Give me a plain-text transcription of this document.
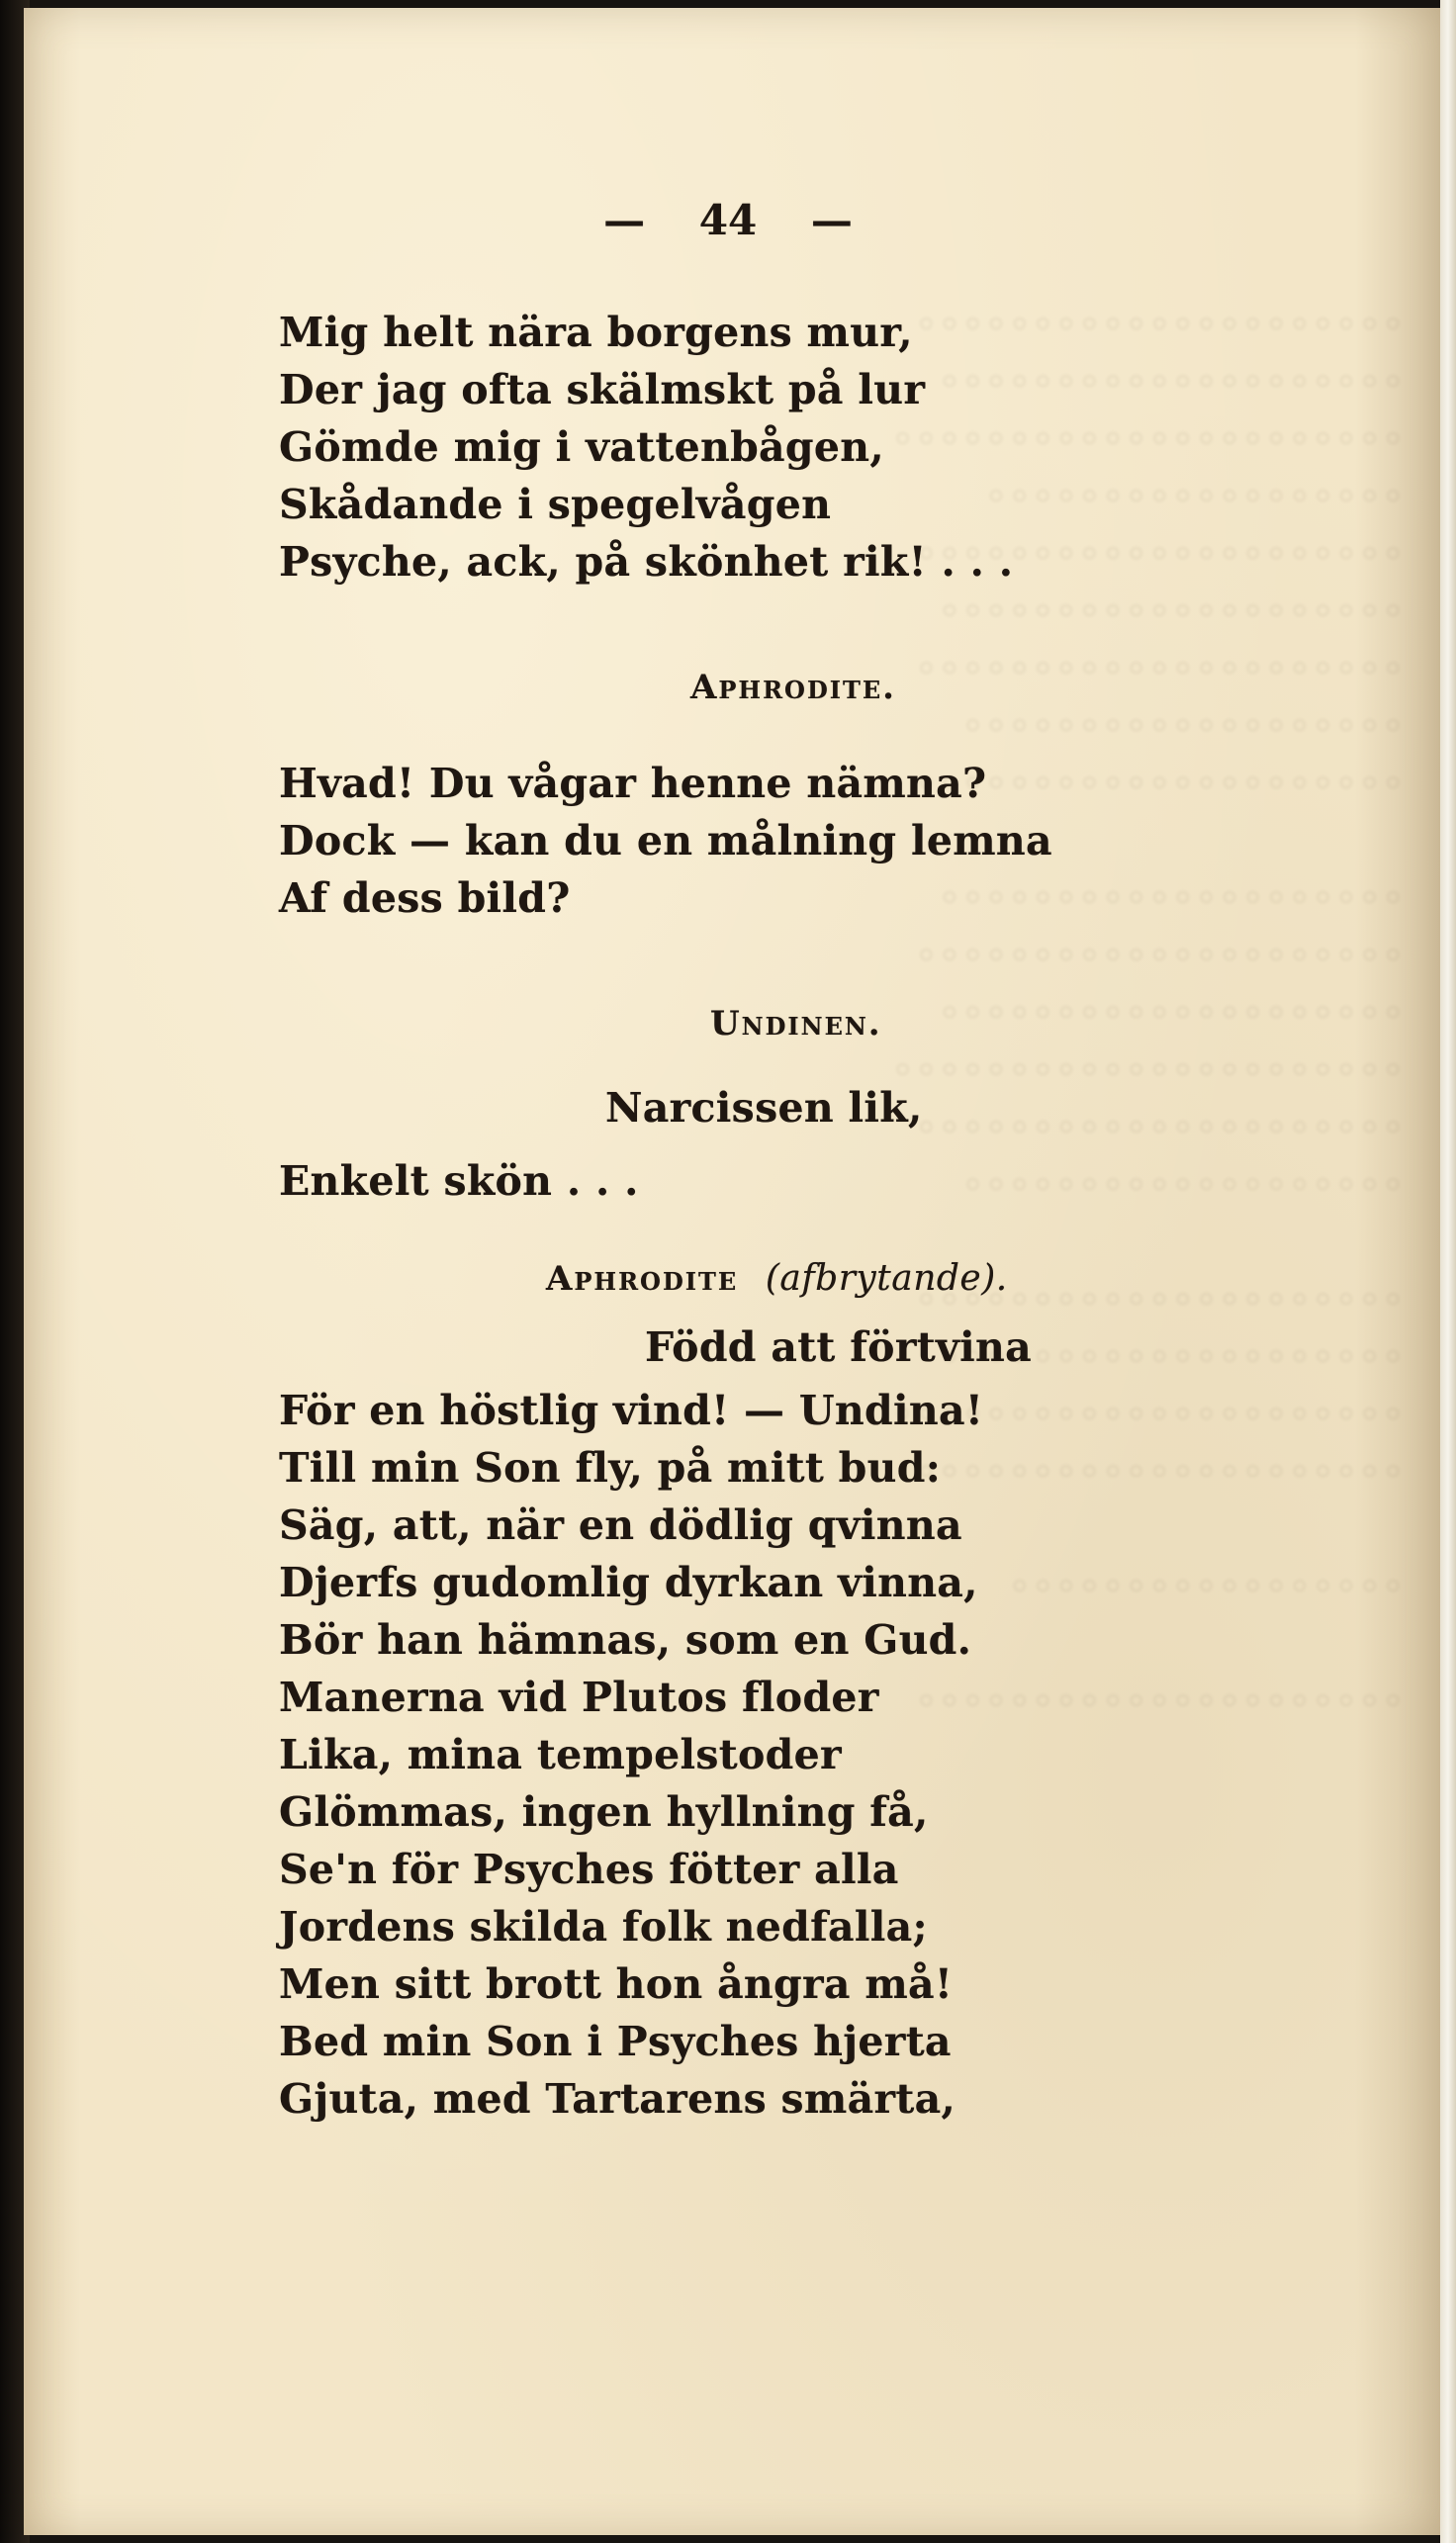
◦◦◦◦◦◦◦◦◦◦◦◦◦◦◦◦◦◦◦◦◦
◦◦◦◦◦◦◦◦◦◦◦◦◦◦◦◦◦◦◦◦
◦◦◦◦◦◦◦◦◦◦◦◦◦◦◦◦◦◦◦◦◦◦
◦◦◦◦◦◦◦◦◦◦◦◦◦◦◦◦◦◦
◦◦◦◦◦◦◦◦◦◦◦◦◦◦◦◦◦◦◦◦◦
◦◦◦◦◦◦◦◦◦◦◦◦◦◦◦◦◦◦◦◦
◦◦◦◦◦◦◦◦◦◦◦◦◦◦◦◦◦◦◦◦◦
◦◦◦◦◦◦◦◦◦◦◦◦◦◦◦◦◦◦◦
◦◦◦◦◦◦◦◦◦◦◦◦◦◦◦◦◦◦◦◦◦

◦◦◦◦◦◦◦◦◦◦◦◦◦◦◦◦◦◦◦◦
◦◦◦◦◦◦◦◦◦◦◦◦◦◦◦◦◦◦◦◦◦
◦◦◦◦◦◦◦◦◦◦◦◦◦◦◦◦◦◦◦◦
◦◦◦◦◦◦◦◦◦◦◦◦◦◦◦◦◦◦◦◦◦◦
◦◦◦◦◦◦◦◦◦◦◦◦◦◦◦◦◦◦◦◦◦
◦◦◦◦◦◦◦◦◦◦◦◦◦◦◦◦◦◦◦

◦◦◦◦◦◦◦◦◦◦◦◦◦◦◦◦◦◦◦◦◦
◦◦◦◦◦◦◦◦◦◦◦◦◦◦◦◦◦◦◦◦
◦◦◦◦◦◦◦◦◦◦◦◦◦◦◦◦◦◦◦◦◦◦
◦◦◦◦◦◦◦◦◦◦◦◦◦◦◦◦◦◦◦◦◦

◦◦◦◦◦◦◦◦◦◦◦◦◦◦◦◦◦

◦◦◦◦◦◦◦◦◦◦◦◦◦◦◦◦◦◦◦◦◦
— 44 —
Mig helt nära borgens mur,
Der jag ofta skälmskt på lur
Gömde mig i vattenbågen,
Skådande i spegelvågen
Psyche, ack, på skönhet rik! . . .
Aphrodite.
Hvad! Du vågar henne nämna?
Dock — kan du en målning lemna
Af dess bild?
Undinen.
Narcissen lik,
Enkelt skön . . .
Aphrodite (afbrytande).
Född att förtvina
För en höstlig vind! — Undina!
Till min Son fly, på mitt bud:
Säg, att, när en dödlig qvinna
Djerfs gudomlig dyrkan vinna,
Bör han hämnas, som en Gud.
Manerna vid Plutos floder
Lika, mina tempelstoder
Glömmas, ingen hyllning få,
Se'n för Psyches fötter alla
Jordens skilda folk nedfalla;
Men sitt brott hon ångra må!
Bed min Son i Psyches hjerta
Gjuta, med Tartarens smärta,
